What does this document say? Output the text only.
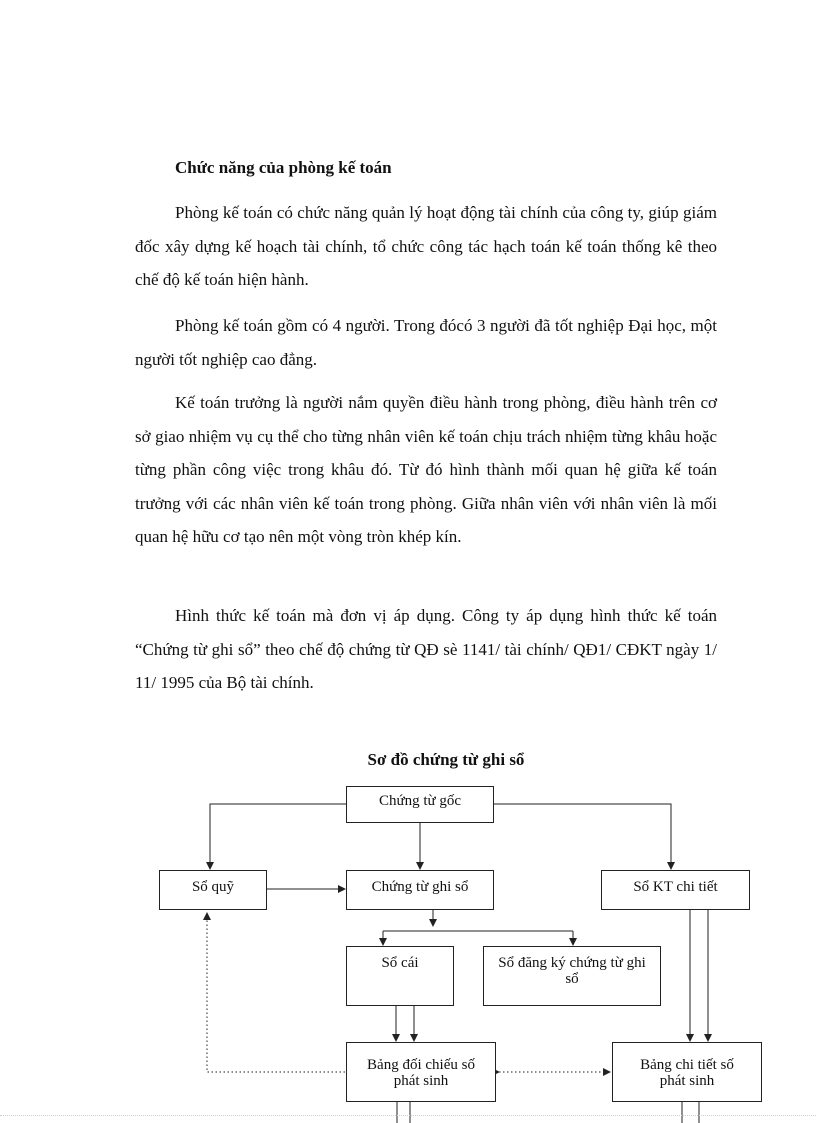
Chức năng của phòng kế toán

Phòng kế toán có chức năng quản lý hoạt động tài chính của công ty, giúp giám đốc xây dựng kế hoạch tài chính, tổ chức công tác hạch toán kế toán thống kê theo chế độ kế toán hiện hành.

Phòng kế toán gồm có 4 người. Trong đócó 3 người đã tốt nghiệp Đại học, một người tốt nghiệp cao đẳng.

Kế toán trưởng là người nắm quyền điều hành trong phòng, điều hành trên cơ sở giao nhiệm vụ cụ thể cho từng nhân viên kế toán chịu trách nhiệm từng khâu hoặc từng phần công việc trong khâu đó. Từ đó hình thành mối quan hệ giữa kế toán trưởng với các nhân viên kế toán trong phòng. Giữa nhân viên với nhân viên là mối quan hệ hữu cơ tạo nên một vòng tròn khép kín.

Hình thức kế toán mà đơn vị áp dụng. Công ty áp dụng hình thức kế toán “Chứng từ ghi sổ” theo chế độ chứng từ QĐ sè 1141/ tài chính/ QĐ1/ CĐKT ngày 1/ 11/ 1995 của Bộ tài chính.

Sơ đồ chứng từ ghi sổ
Chứng từ gốc
Sổ quỹ	Chứng từ ghi sổ	Sổ KT chi tiết
Sổ cái	Sổ đăng ký chứng từ ghi sổ
Bảng đối chiếu số phát sinh
Bảng chi tiết số phát sinh
